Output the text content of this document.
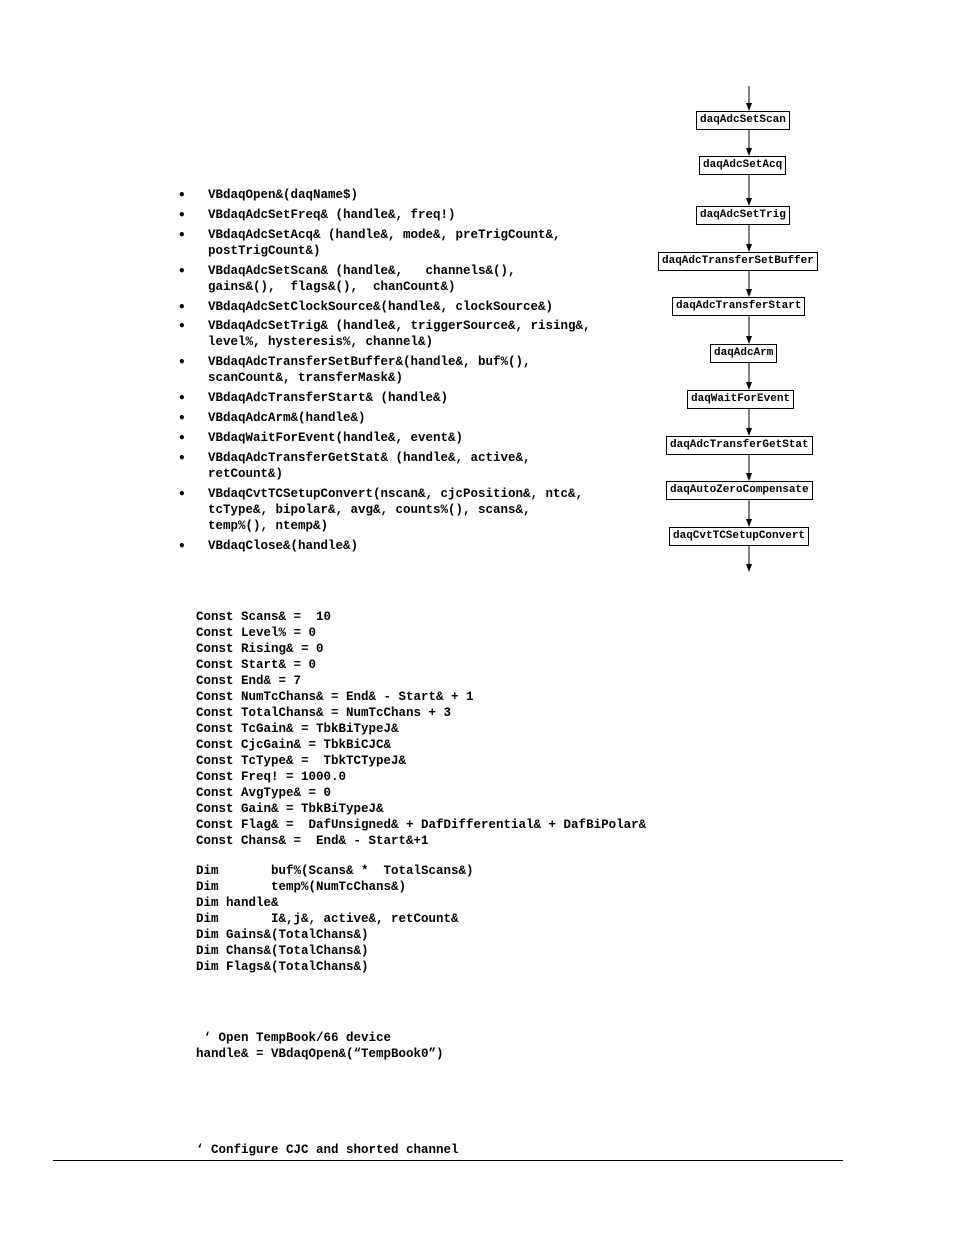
• VBdaqOpen&(daqName$)
• VBdaqAdcSetFreq& (handle&, freq!)
• VBdaqAdcSetAcq& (handle&, mode&, preTrigCount&,
postTrigCount&)
• VBdaqAdcSetScan& (handle&,   channels&(),
gains&(),  flags&(),  chanCount&)
• VBdaqAdcSetClockSource&(handle&, clockSource&)
• VBdaqAdcSetTrig& (handle&, triggerSource&, rising&,
level%, hysteresis%, channel&)
• VBdaqAdcTransferSetBuffer&(handle&, buf%(),
scanCount&, transferMask&)
• VBdaqAdcTransferStart& (handle&)
• VBdaqAdcArm&(handle&)
• VBdaqWaitForEvent(handle&, event&)
• VBdaqAdcTransferGetStat& (handle&, active&,
retCount&)
• VBdaqCvtTCSetupConvert(nscan&, cjcPosition&, ntc&,
tcType&, bipolar&, avg&, counts%(), scans&,
temp%(), ntemp&)
• VBdaqClose&(handle&)
daqAdcSetScan
daqAdcSetAcq
daqAdcSetTrig
daqAdcTransferSetBuffer
daqAdcTransferStart
daqAdcArm
daqWaitForEvent
daqAdcTransferGetStat
daqAutoZeroCompensate
daqCvtTCSetupConvert
Const Scans& =  10
Const Level% = 0
Const Rising& = 0
Const Start& = 0
Const End& = 7
Const NumTcChans& = End& - Start& + 1
Const TotalChans& = NumTcChans + 3
Const TcGain& = TbkBiTypeJ&
Const CjcGain& = TbkBiCJC&
Const TcType& =  TbkTCTypeJ&
Const Freq! = 1000.0
Const AvgType& = 0
Const Gain& = TbkBiTypeJ&
Const Flag& =  DafUnsigned& + DafDifferential& + DafBiPolar&
Const Chans& =  End& - Start&+1
Dim       buf%(Scans& *  TotalScans&)
Dim       temp%(NumTcChans&)
Dim handle&
Dim       I&,j&, active&, retCount&
Dim Gains&(TotalChans&)
Dim Chans&(TotalChans&)
Dim Flags&(TotalChans&)
‘ Open TempBook/66 device
handle& = VBdaqOpen&(“TempBook0”)
‘ Configure CJC and shorted channel
